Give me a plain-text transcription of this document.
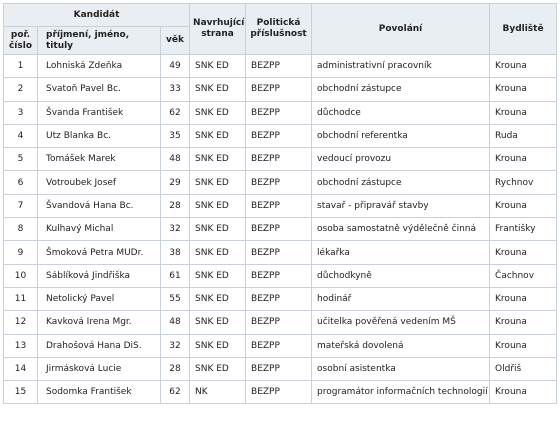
Kandidát			Navrhující strana	Politická příslušnost	Povolání	Bydliště
poř. číslo	příjmení, jméno, tituly	věk				
1	Lohniská Zdeňka	49	SNK ED	BEZPP	administrativní pracovník	Krouna
2	Svatoň Pavel Bc.	33	SNK ED	BEZPP	obchodní zástupce	Krouna
3	Švanda František	62	SNK ED	BEZPP	důchodce	Krouna
4	Utz Blanka Bc.	35	SNK ED	BEZPP	obchodní referentka	Ruda
5	Tomášek Marek	48	SNK ED	BEZPP	vedoucí provozu	Krouna
6	Votroubek Josef	29	SNK ED	BEZPP	obchodní zástupce	Rychnov
7	Švandová Hana Bc.	28	SNK ED	BEZPP	stavař - připravář stavby	Krouna
8	Kulhavý Michal	32	SNK ED	BEZPP	osoba samostatně výdělečně činná	Františky
9	Šmoková Petra MUDr.	38	SNK ED	BEZPP	lékařka	Krouna
10	Sáblíková Jindřiška	61	SNK ED	BEZPP	důchodkyně	Čachnov
11	Netolický Pavel	55	SNK ED	BEZPP	hodinář	Krouna
12	Kavková Irena Mgr.	48	SNK ED	BEZPP	učitelka pověřená vedením MŠ	Krouna
13	Drahošová Hana DiS.	32	SNK ED	BEZPP	mateřská dovolená	Krouna
14	Jirmásková Lucie	28	SNK ED	BEZPP	osobní asistentka	Oldřiš
15	Sodomka František	62	NK	BEZPP	programátor informačních technologií	Krouna
